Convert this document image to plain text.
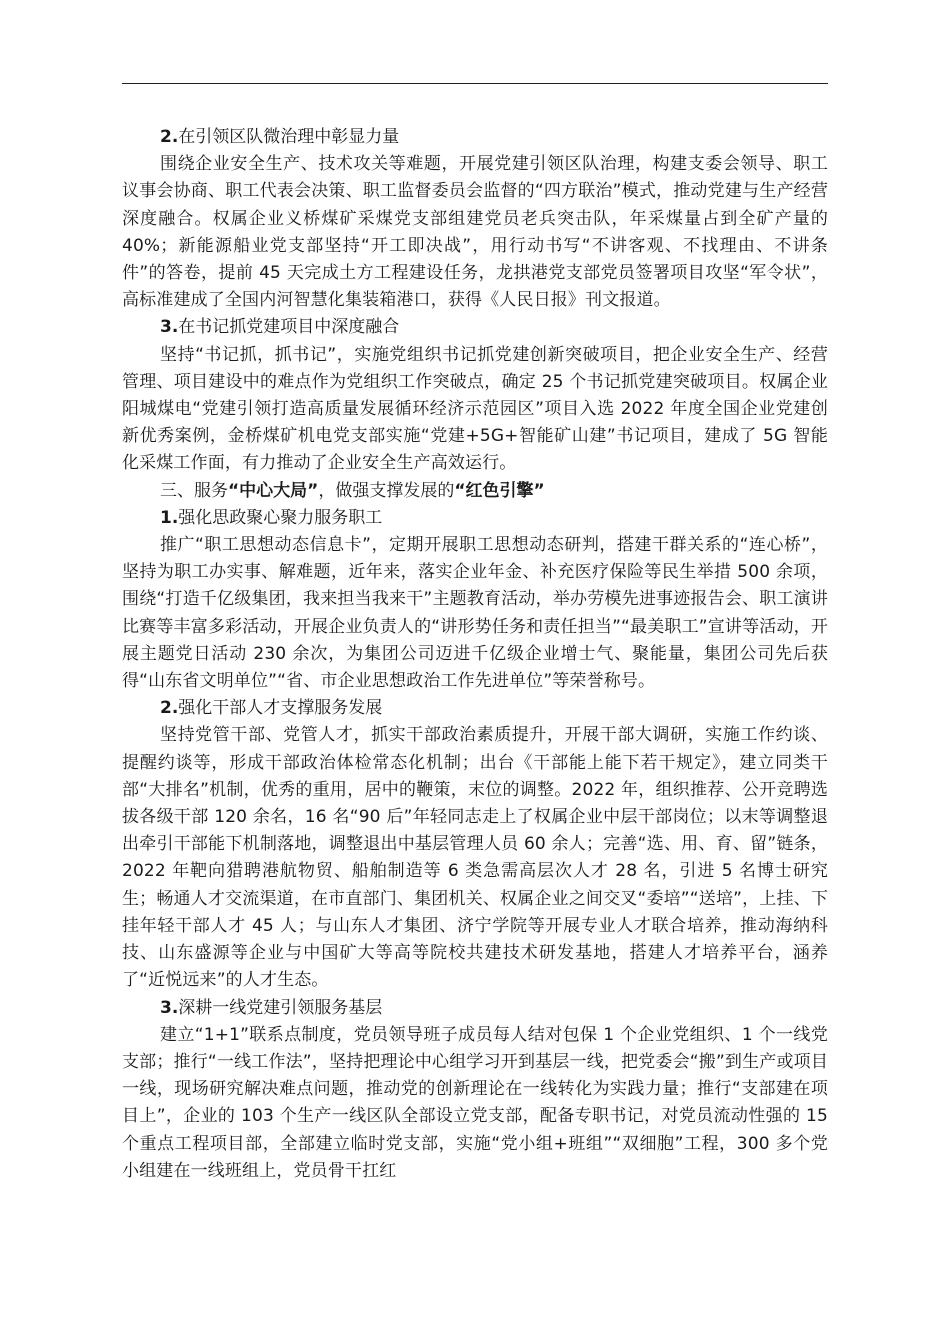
2.在引领区队微治理中彰显力量

围绕企业安全生产、技术攻关等难题，开展党建引领区队治理，构建支委会领导、职工议事会协商、职工代表会决策、职工监督委员会监督的“四方联治”模式，推动党建与生产经营深度融合。权属企业义桥煤矿采煤党支部组建党员老兵突击队，年采煤量占到全矿产量的 40%；新能源船业党支部坚持“开工即决战”，用行动书写“不讲客观、不找理由、不讲条件”的答卷，提前 45 天完成土方工程建设任务，龙拱港党支部党员签署项目攻坚“军令状”，高标准建成了全国内河智慧化集装箱港口，获得《人民日报》刊文报道。

3.在书记抓党建项目中深度融合

坚持“书记抓，抓书记”，实施党组织书记抓党建创新突破项目，把企业安全生产、经营管理、项目建设中的难点作为党组织工作突破点，确定 25 个书记抓党建突破项目。权属企业阳城煤电“党建引领打造高质量发展循环经济示范园区”项目入选 2022 年度全国企业党建创新优秀案例，金桥煤矿机电党支部实施“党建+5G+智能矿山建”书记项目，建成了 5G 智能化采煤工作面，有力推动了企业安全生产高效运行。

三、服务“中心大局”，做强支撑发展的“红色引擎”

1.强化思政聚心聚力服务职工

推广“职工思想动态信息卡”，定期开展职工思想动态研判，搭建干群关系的“连心桥”，坚持为职工办实事、解难题，近年来，落实企业年金、补充医疗保险等民生举措 500 余项，围绕“打造千亿级集团，我来担当我来干”主题教育活动，举办劳模先进事迹报告会、职工演讲比赛等丰富多彩活动，开展企业负责人的“讲形势任务和责任担当”“最美职工”宣讲等活动，开展主题党日活动 230 余次，为集团公司迈进千亿级企业增士气、聚能量，集团公司先后获得“山东省文明单位”“省、市企业思想政治工作先进单位”等荣誉称号。

2.强化干部人才支撑服务发展

坚持党管干部、党管人才，抓实干部政治素质提升，开展干部大调研，实施工作约谈、提醒约谈等，形成干部政治体检常态化机制；出台《干部能上能下若干规定》，建立同类干部“大排名”机制，优秀的重用，居中的鞭策，末位的调整。2022 年，组织推荐、公开竞聘选拔各级干部 120 余名，16 名“90 后”年轻同志走上了权属企业中层干部岗位；以末等调整退出牵引干部能下机制落地，调整退出中基层管理人员 60 余人；完善“选、用、育、留”链条，2022 年靶向猎聘港航物贸、船舶制造等 6 类急需高层次人才 28 名，引进 5 名博士研究生；畅通人才交流渠道，在市直部门、集团机关、权属企业之间交叉“委培”“送培”，上挂、下挂年轻干部人才 45 人；与山东人才集团、济宁学院等开展专业人才联合培养，推动海纳科技、山东盛源等企业与中国矿大等高等院校共建技术研发基地，搭建人才培养平台，涵养了“近悦远来”的人才生态。

3.深耕一线党建引领服务基层

建立“1+1”联系点制度，党员领导班子成员每人结对包保 1 个企业党组织、1 个一线党支部；推行“一线工作法”，坚持把理论中心组学习开到基层一线，把党委会“搬”到生产或项目一线，现场研究解决难点问题，推动党的创新理论在一线转化为实践力量；推行“支部建在项目上”，企业的 103 个生产一线区队全部设立党支部，配备专职书记，对党员流动性强的 15 个重点工程项目部，全部建立临时党支部，实施“党小组+班组”“双细胞”工程，300 多个党小组建在一线班组上，党员骨干扛红
